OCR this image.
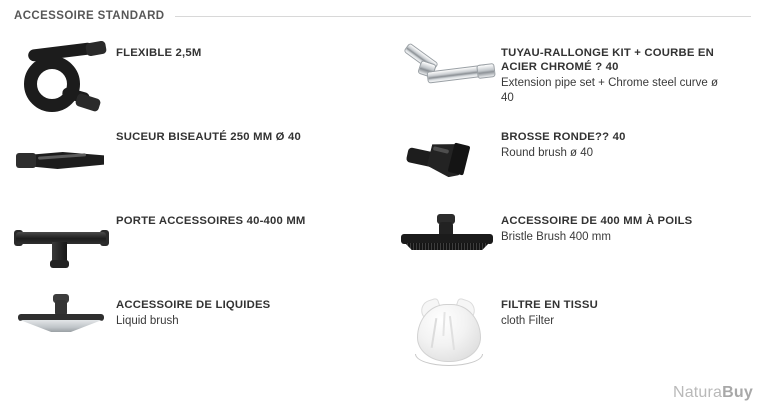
ACCESSOIRE STANDARD
FLEXIBLE 2,5M	TUYAU-RALLONGE KIT + COURBE EN ACIER CHROMÉ ? 40
Extension pipe set + Chrome steel curve ø 40
SUCEUR BISEAUTÉ 250 MM Ø 40	BROSSE RONDE?? 40
Round brush ø 40
PORTE ACCESSOIRES 40-400 MM	ACCESSOIRE DE 400 MM À POILS
Bristle Brush 400 mm
ACCESSOIRE DE LIQUIDES
Liquid brush
FILTRE EN TISSU
cloth Filter
NaturaBuy
